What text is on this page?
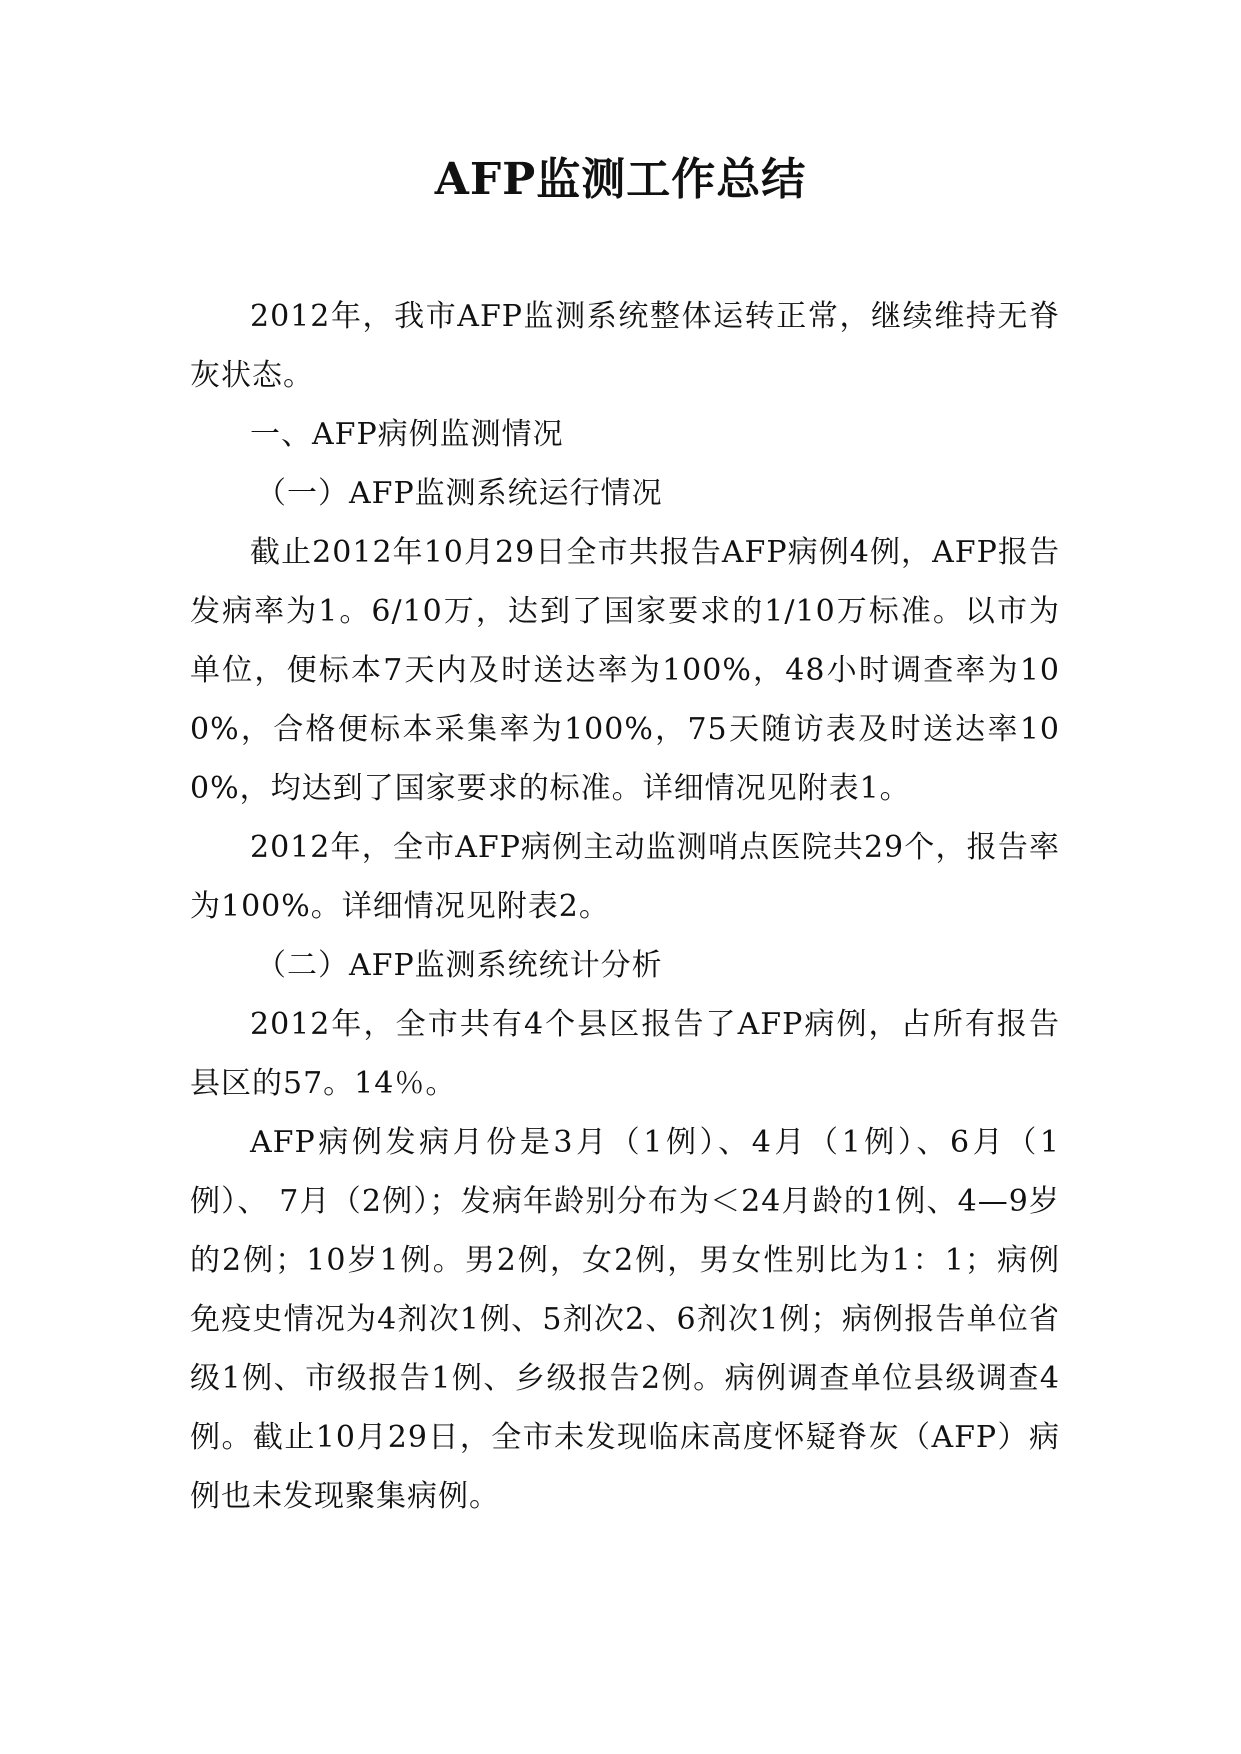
AFP监测工作总结

2012年，我市AFP监测系统整体运转正常，继续维持无脊灰状态。

一、AFP病例监测情况

（一）AFP监测系统运行情况

截止2012年10月29日全市共报告AFP病例4例，AFP报告发病率为1。6/10万，达到了国家要求的1/10万标准。以市为单位，便标本7天内及时送达率为100%，48小时调查率为100%，合格便标本采集率为100%，75天随访表及时送达率100%，均达到了国家要求的标准。详细情况见附表1。

2012年，全市AFP病例主动监测哨点医院共29个，报告率为100%。详细情况见附表2。

（二）AFP监测系统统计分析

2012年，全市共有4个县区报告了AFP病例，占所有报告县区的57。14％。

AFP病例发病月份是3月（1例）、4月（1例）、6月（1例）、 7月（2例）；发病年龄别分布为＜24月龄的1例、4—9岁的2例；10岁1例。男2例，女2例，男女性别比为1：1；病例免疫史情况为4剂次1例、5剂次2、6剂次1例；病例报告单位省级1例、市级报告1例、乡级报告2例。病例调查单位县级调查4例。截止10月29日，全市未发现临床高度怀疑脊灰（AFP）病例也未发现聚集病例。
